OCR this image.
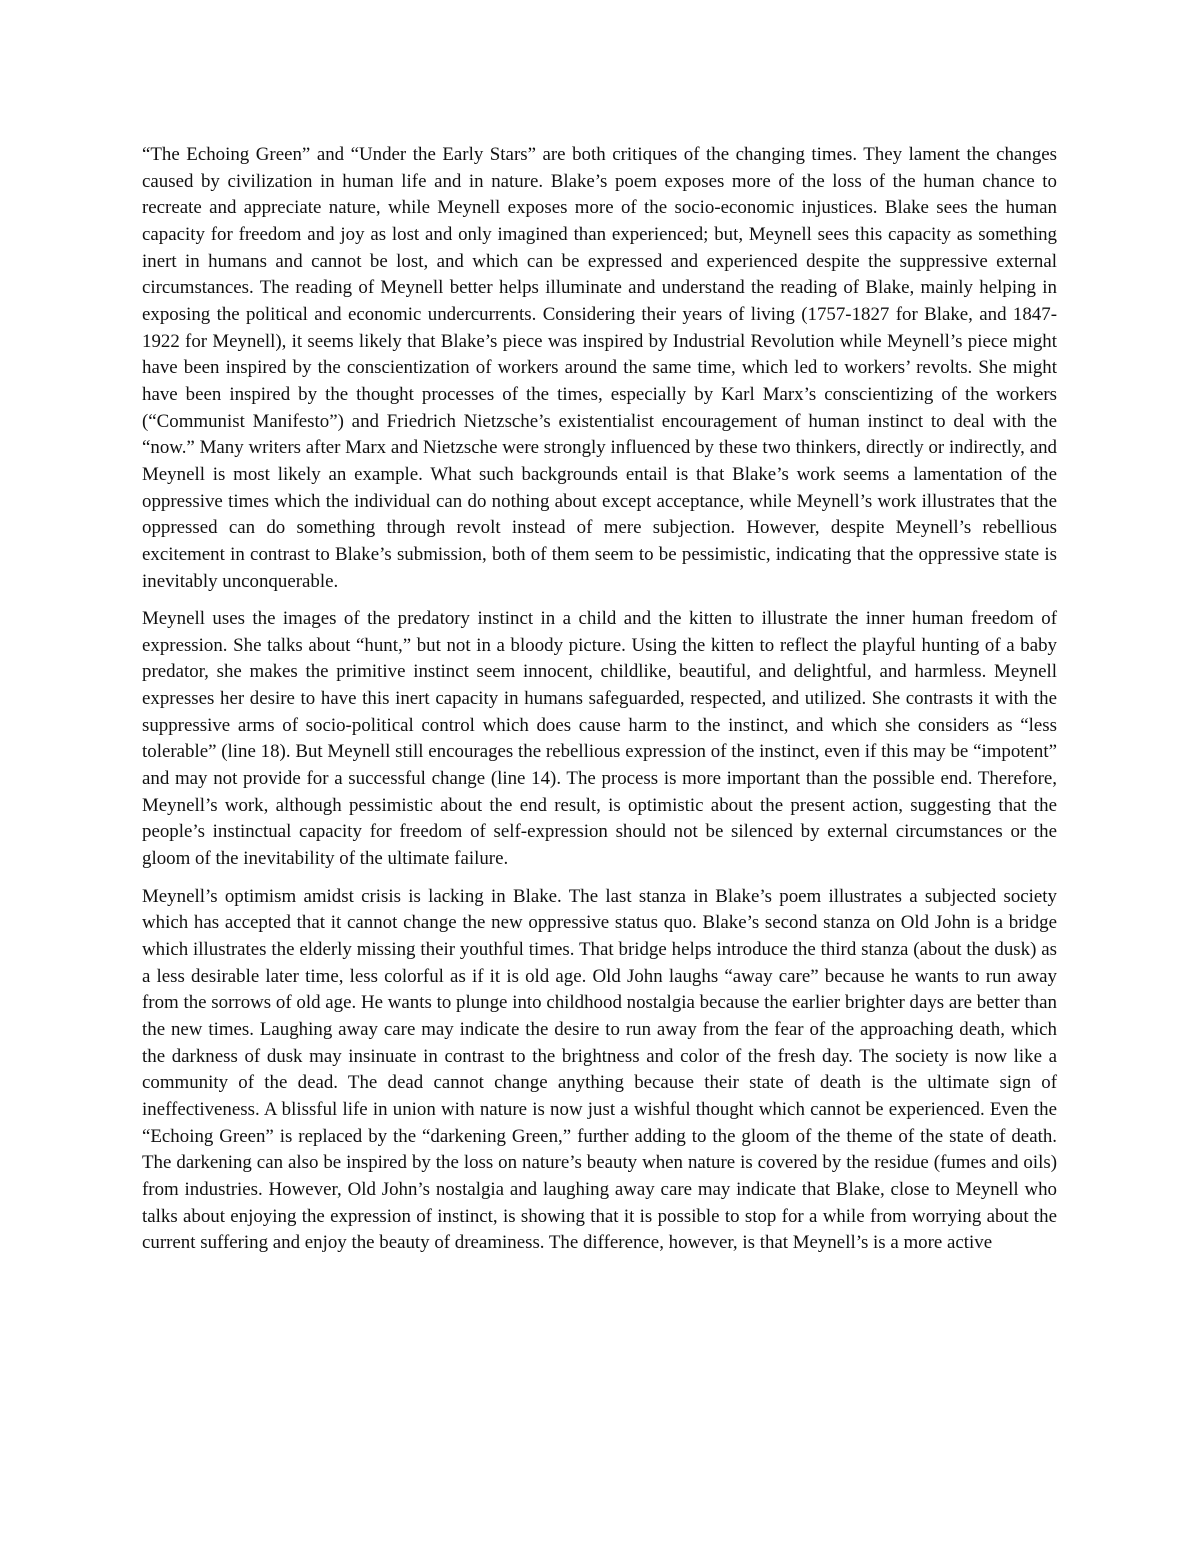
“The Echoing Green” and “Under the Early Stars” are both critiques of the changing times. They lament the changes caused by civilization in human life and in nature. Blake’s poem exposes more of the loss of the human chance to recreate and appreciate nature, while Meynell exposes more of the socio-economic injustices. Blake sees the human capacity for freedom and joy as lost and only imagined than experienced; but, Meynell sees this capacity as something inert in humans and cannot be lost, and which can be expressed and experienced despite the suppressive external circumstances. The reading of Meynell better helps illuminate and understand the reading of Blake, mainly helping in exposing the political and economic undercurrents. Considering their years of living (1757-1827 for Blake, and 1847-1922 for Meynell), it seems likely that Blake’s piece was inspired by Industrial Revolution while Meynell’s piece might have been inspired by the conscientization of workers around the same time, which led to workers’ revolts. She might have been inspired by the thought processes of the times, especially by Karl Marx’s conscientizing of the workers (“Communist Manifesto”) and Friedrich Nietzsche’s existentialist encouragement of human instinct to deal with the “now.” Many writers after Marx and Nietzsche were strongly influenced by these two thinkers, directly or indirectly, and Meynell is most likely an example. What such backgrounds entail is that Blake’s work seems a lamentation of the oppressive times which the individual can do nothing about except acceptance, while Meynell’s work illustrates that the oppressed can do something through revolt instead of mere subjection. However, despite Meynell’s rebellious excitement in contrast to Blake’s submission, both of them seem to be pessimistic, indicating that the oppressive state is inevitably unconquerable.

Meynell uses the images of the predatory instinct in a child and the kitten to illustrate the inner human freedom of expression. She talks about “hunt,” but not in a bloody picture. Using the kitten to reflect the playful hunting of a baby predator, she makes the primitive instinct seem innocent, childlike, beautiful, and delightful, and harmless. Meynell expresses her desire to have this inert capacity in humans safeguarded, respected, and utilized. She contrasts it with the suppressive arms of socio-political control which does cause harm to the instinct, and which she considers as “less tolerable” (line 18). But Meynell still encourages the rebellious expression of the instinct, even if this may be “impotent” and may not provide for a successful change (line 14). The process is more important than the possible end. Therefore, Meynell’s work, although pessimistic about the end result, is optimistic about the present action, suggesting that the people’s instinctual capacity for freedom of self-expression should not be silenced by external circumstances or the gloom of the inevitability of the ultimate failure.

Meynell’s optimism amidst crisis is lacking in Blake. The last stanza in Blake’s poem illustrates a subjected society which has accepted that it cannot change the new oppressive status quo. Blake’s second stanza on Old John is a bridge which illustrates the elderly missing their youthful times. That bridge helps introduce the third stanza (about the dusk) as a less desirable later time, less colorful as if it is old age. Old John laughs “away care” because he wants to run away from the sorrows of old age. He wants to plunge into childhood nostalgia because the earlier brighter days are better than the new times. Laughing away care may indicate the desire to run away from the fear of the approaching death, which the darkness of dusk may insinuate in contrast to the brightness and color of the fresh day. The society is now like a community of the dead. The dead cannot change anything because their state of death is the ultimate sign of ineffectiveness. A blissful life in union with nature is now just a wishful thought which cannot be experienced. Even the “Echoing Green” is replaced by the “darkening Green,” further adding to the gloom of the theme of the state of death. The darkening can also be inspired by the loss on nature’s beauty when nature is covered by the residue (fumes and oils) from industries. However, Old John’s nostalgia and laughing away care may indicate that Blake, close to Meynell who talks about enjoying the expression of instinct, is showing that it is possible to stop for a while from worrying about the current suffering and enjoy the beauty of dreaminess. The difference, however, is that Meynell’s is a more active
